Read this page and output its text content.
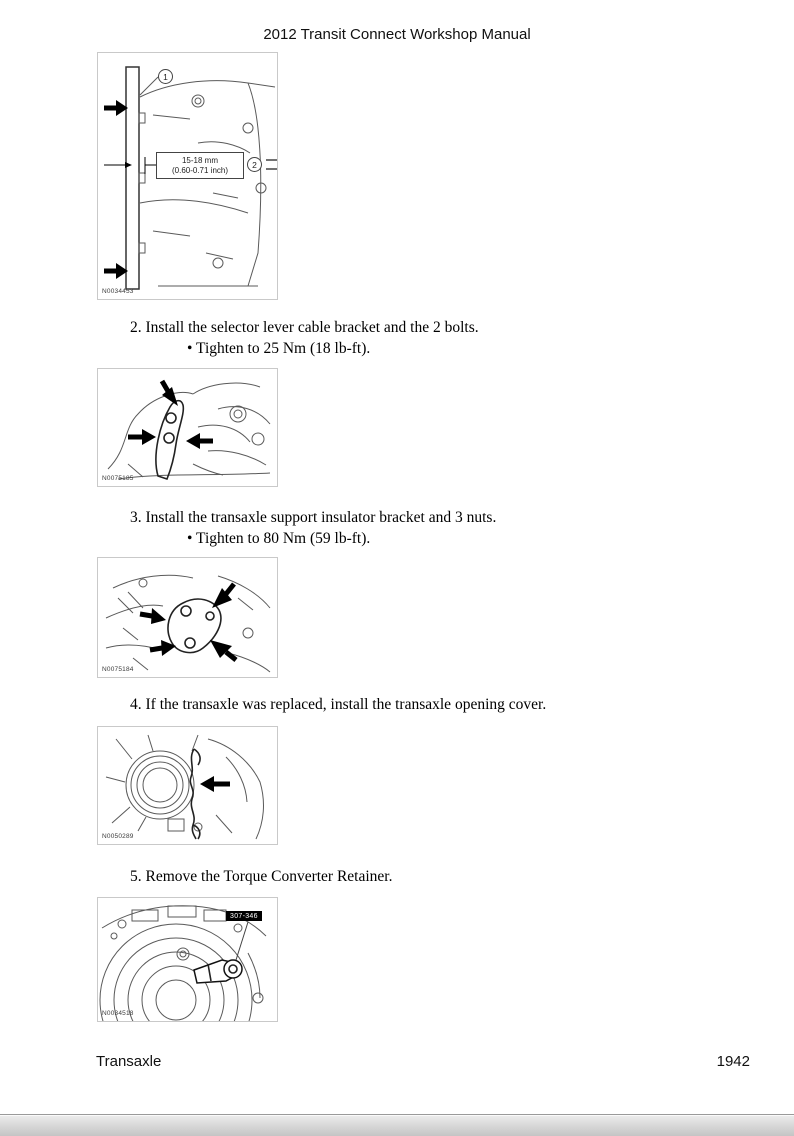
2012 Transit Connect Workshop Manual
1
15-18 mm
(0.60-0.71 inch)
2
N0034453
2. Install the selector lever cable bracket and the 2 bolts.
• Tighten to 25 Nm (18 lb-ft).
N0075185
3. Install the transaxle support insulator bracket and 3 nuts.
• Tighten to 80 Nm (59 lb-ft).
N0075184
4. If the transaxle was replaced, install the transaxle opening cover.
N0050289
5. Remove the Torque Converter Retainer.
307-346
N0034518
Transaxle	1942
